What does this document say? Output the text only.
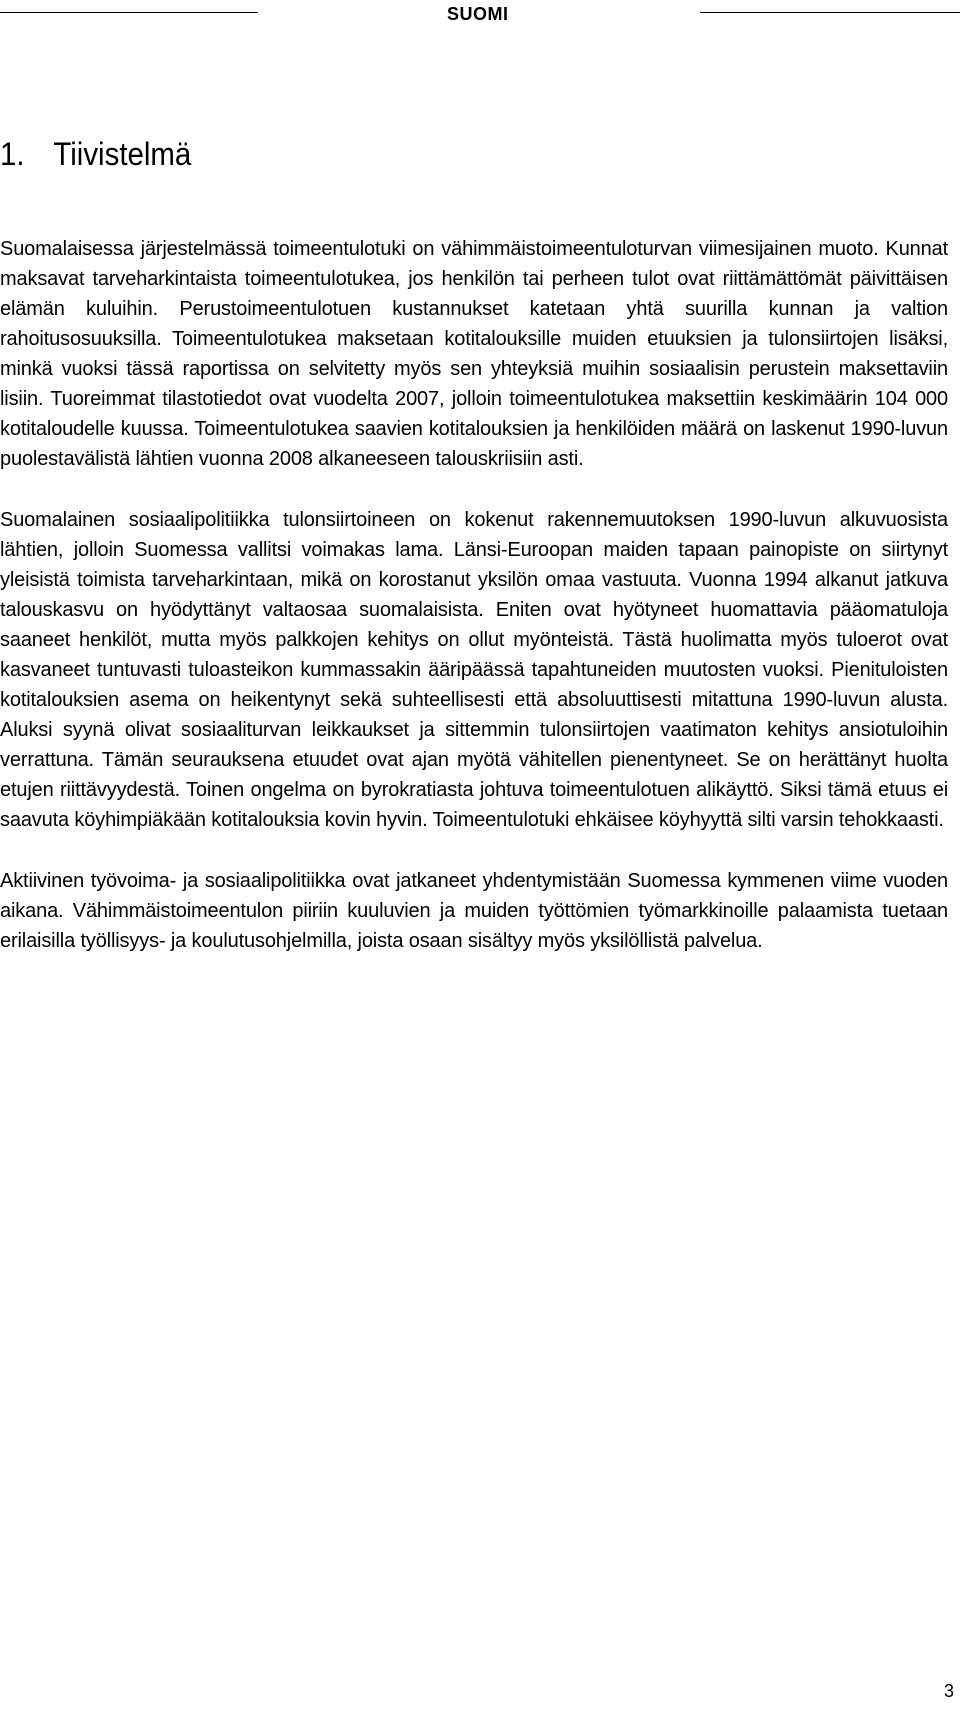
SUOMI
1. Tiivistelmä

Suomalaisessa järjestelmässä toimeentulotuki on vähimmäistoimeentuloturvan viimesijainen muoto. Kunnat maksavat tarveharkintaista toimeentulotukea, jos henkilön tai perheen tulot ovat riittämättömät päivittäisen elämän kuluihin. Perustoimeentulotuen kustannukset katetaan yhtä suurilla kunnan ja valtion rahoitusosuuksilla. Toimeentulotukea maksetaan kotitalouksille muiden etuuksien ja tulonsiirtojen lisäksi, minkä vuoksi tässä raportissa on selvitetty myös sen yhteyksiä muihin sosiaalisin perustein maksettaviin lisiin. Tuoreimmat tilastotiedot ovat vuodelta 2007, jolloin toimeentulotukea maksettiin keskimäärin 104 000 kotitaloudelle kuussa. Toimeentulotukea saavien kotitalouksien ja henkilöiden määrä on laskenut 1990-luvun puolestavälistä lähtien vuonna 2008 alkaneeseen talouskriisiin asti.

Suomalainen sosiaalipolitiikka tulonsiirtoineen on kokenut rakennemuutoksen 1990-luvun alkuvuosista lähtien, jolloin Suomessa vallitsi voimakas lama. Länsi-Euroopan maiden tapaan painopiste on siirtynyt yleisistä toimista tarveharkintaan, mikä on korostanut yksilön omaa vastuuta. Vuonna 1994 alkanut jatkuva talouskasvu on hyödyttänyt valtaosaa suomalaisista. Eniten ovat hyötyneet huomattavia pääomatuloja saaneet henkilöt, mutta myös palkkojen kehitys on ollut myönteistä. Tästä huolimatta myös tuloerot ovat kasvaneet tuntuvasti tuloasteikon kummassakin ääripäässä tapahtuneiden muutosten vuoksi. Pienituloisten kotitalouksien asema on heikentynyt sekä suhteellisesti että absoluuttisesti mitattuna 1990-luvun alusta. Aluksi syynä olivat sosiaaliturvan leikkaukset ja sittemmin tulonsiirtojen vaatimaton kehitys ansiotuloihin verrattuna. Tämän seurauksena etuudet ovat ajan myötä vähitellen pienentyneet. Se on herättänyt huolta etujen riittävyydestä. Toinen ongelma on byrokratiasta johtuva toimeentulotuen alikäyttö. Siksi tämä etuus ei saavuta köyhimpiäkään kotitalouksia kovin hyvin. Toimeentulotuki ehkäisee köyhyyttä silti varsin tehokkaasti.

Aktiivinen työvoima- ja sosiaalipolitiikka ovat jatkaneet yhdentymistään Suomessa kymmenen viime vuoden aikana. Vähimmäistoimeentulon piiriin kuuluvien ja muiden työttömien työmarkkinoille palaamista tuetaan erilaisilla työllisyys- ja koulutusohjelmilla, joista osaan sisältyy myös yksilöllistä palvelua.

3
